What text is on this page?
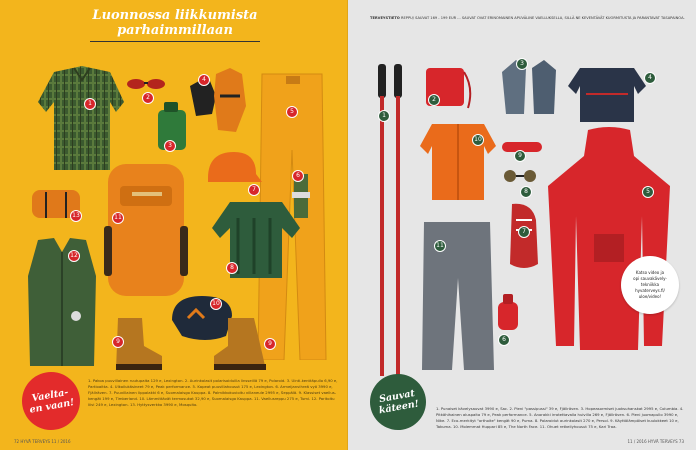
Luonnossa liikkumista
parhaimmillaan
1
2
3
4
5
6
7
8
9	9
10
11
12
13
Vaelta-
en vaan!
1. Pakoa puuvillainen ruutupaita 129 e, Lexington. 2. Aurinkolasit polarisoiduilla linsseillä 79 e, Polaroid. 3. Uinti-kenttäpullo 6,90 e, Partioaitta. 4. Ulkoilukäsineet 79 e, Peak performance. 5. Kapeat puuvillahousut 175 e, Lexington. 6. Armeijanvihreä vyö 3990 e, Fjällräven. 7. Puuvillainen lippalakki 6 e, Suomalaisgo Kauppa. 8. Palmikkokuvioitu villaneule 2995 e, Seppälä. 9. Klassiset vaellus-kengät 199 e, Timberland. 10. Lämmittävät termosukat 32,90 e, Suomalaisgo Kauppa. 11. Vaellusreppu 275 e, Tumi. 12. Paritoitu liivi 249 e, Lexington. 13. Hyttysverkko 3990 e, Mosquito.
72 HYVÄ TERVEYS 11 / 2016
TERVEYSTIETO REPPU/ SAUVAT 169 - 199 EUR ... SAUVAT OVAT ERINOMAINEN APUVÄLINE VAELLUKSELLA, SILLÄ NE KEVENTÄVÄT KUORMITUSTA JA PARANTAVAT TASAPAINOA.
1
2
3
4
5
6
7
8
9
10
11
1. Punaiset kävelysauvat 3990 e, Sac. 2. Pieni "passipussi" 39 e, Fjällräven. 3. Hopeasormiset juoksuhanskat 2995 e, Columbia. 4. Pitkähihainen aluspaita 79 e, Peak performance. 5. Anorakki irrotettavalla huivilla 269 e, Fjällräven. 6. Pieni juomapullo 3990 e, Nike. 7. Eco-merkityt "orthoite" kengät 90 e, Puma. 8. Polaroidut aurinkolasit 270 e, Persol. 9. Käyttölämpöiset kuulokkeet 10 e, Takuma. 10. Molemmat Huppari 85 e, The North Face. 11. Ohuet retkeilyhousut 75 e, Kari Traa.
11 / 2016 HYVÄ TERVEYS 73
Sauvat
käteen!
Katso video ja
opi sauvakävely-
tekniikka
hyvaterveys.fi/
uloe/video!
